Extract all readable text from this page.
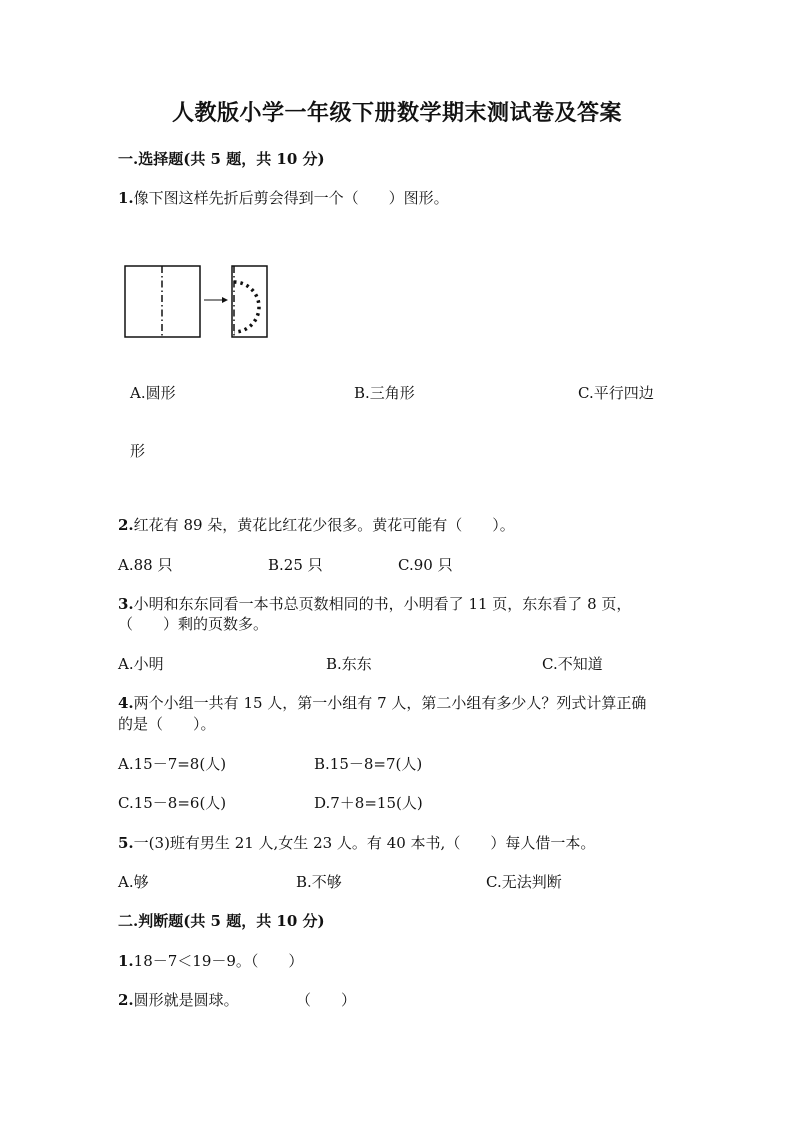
人教版小学一年级下册数学期末测试卷及答案
一.选择题(共 5 题，共 10 分)
1.像下图这样先折后剪会得到一个（　　）图形。
A.圆形	B.三角形	C.平行四边
形
2.红花有 89 朵，黄花比红花少很多。黄花可能有（　　）。
A.88 只	B.25 只	C.90 只
3.小明和东东同看一本书总页数相同的书，小明看了 11 页，东东看了 8 页，
（　　）剩的页数多。
A.小明	B.东东	C.不知道
4.两个小组一共有 15 人，第一小组有 7 人，第二小组有多少人？列式计算正确
的是（　　）。
A.15－7=8(人)	B.15－8=7(人)
C.15－8=6(人)	D.7＋8=15(人)
5.一(3)班有男生 21 人,女生 23 人。有 40 本书,（　　）每人借一本。
A.够	B.不够	C.无法判断
二.判断题(共 5 题，共 10 分)
1.18－7＜19－9。（　　）
2.圆形就是圆球。	（　　）
